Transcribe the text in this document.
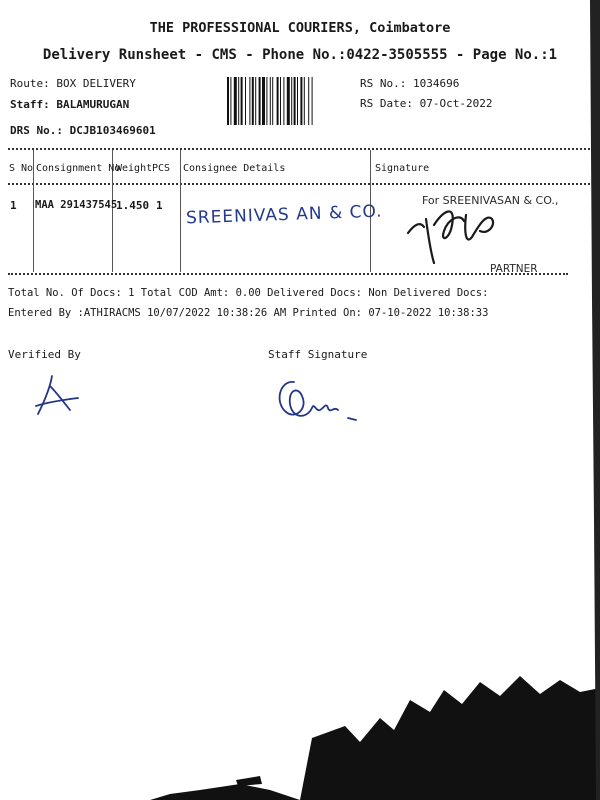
THE PROFESSIONAL COURIERS, Coimbatore
Delivery Runsheet - CMS - Phone No.:0422-3505555 - Page No.:1
Route: BOX DELIVERY
Staff: BALAMURUGAN
DRS No.: DCJB103469601
RS No.: 1034696
RS Date: 07-Oct-2022
S No Consignment No
Weight PCS Consignee Details	Signature
1 MAA 291437545
1.450 1 SREENIVAS AN & CO.
For SREENIVASAN & CO.,
PARTNER
Total No. Of Docs: 1 Total COD Amt: 0.00 Delivered Docs: Non Delivered Docs:
Entered By :ATHIRACMS 10/07/2022 10:38:26 AM Printed On: 07-10-2022 10:38:33
Verified By	Staff Signature
